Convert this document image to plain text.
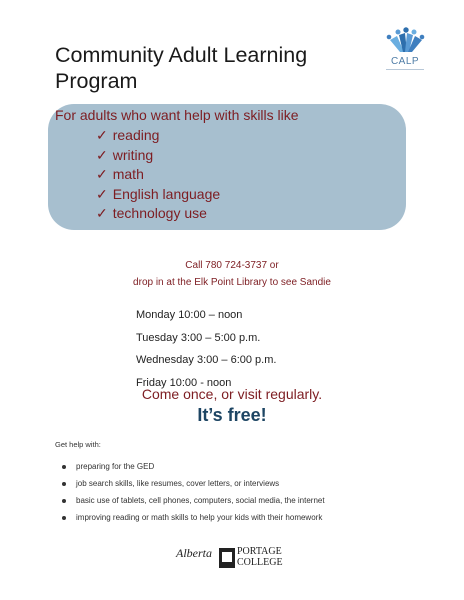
Community Adult Learning
Program
CALP
For adults who want help with skills like
✓ reading
✓ writing
✓ math
✓ English language
✓ technology use
Call 780 724-3737 or
drop in at the Elk Point Library to see Sandie
Monday 10:00 – noon
Tuesday 3:00 – 5:00 p.m.
Wednesday 3:00 – 6:00 p.m.
Friday 10:00 - noon
Come once, or visit regularly.
It’s free!
Get help with:
preparing for the GED
job search skills, like resumes, cover letters, or interviews
basic use of tablets, cell phones, computers, social media, the internet
improving reading or math skills to help your kids with their homework
Alberta	PORTAGE
COLLEGE
